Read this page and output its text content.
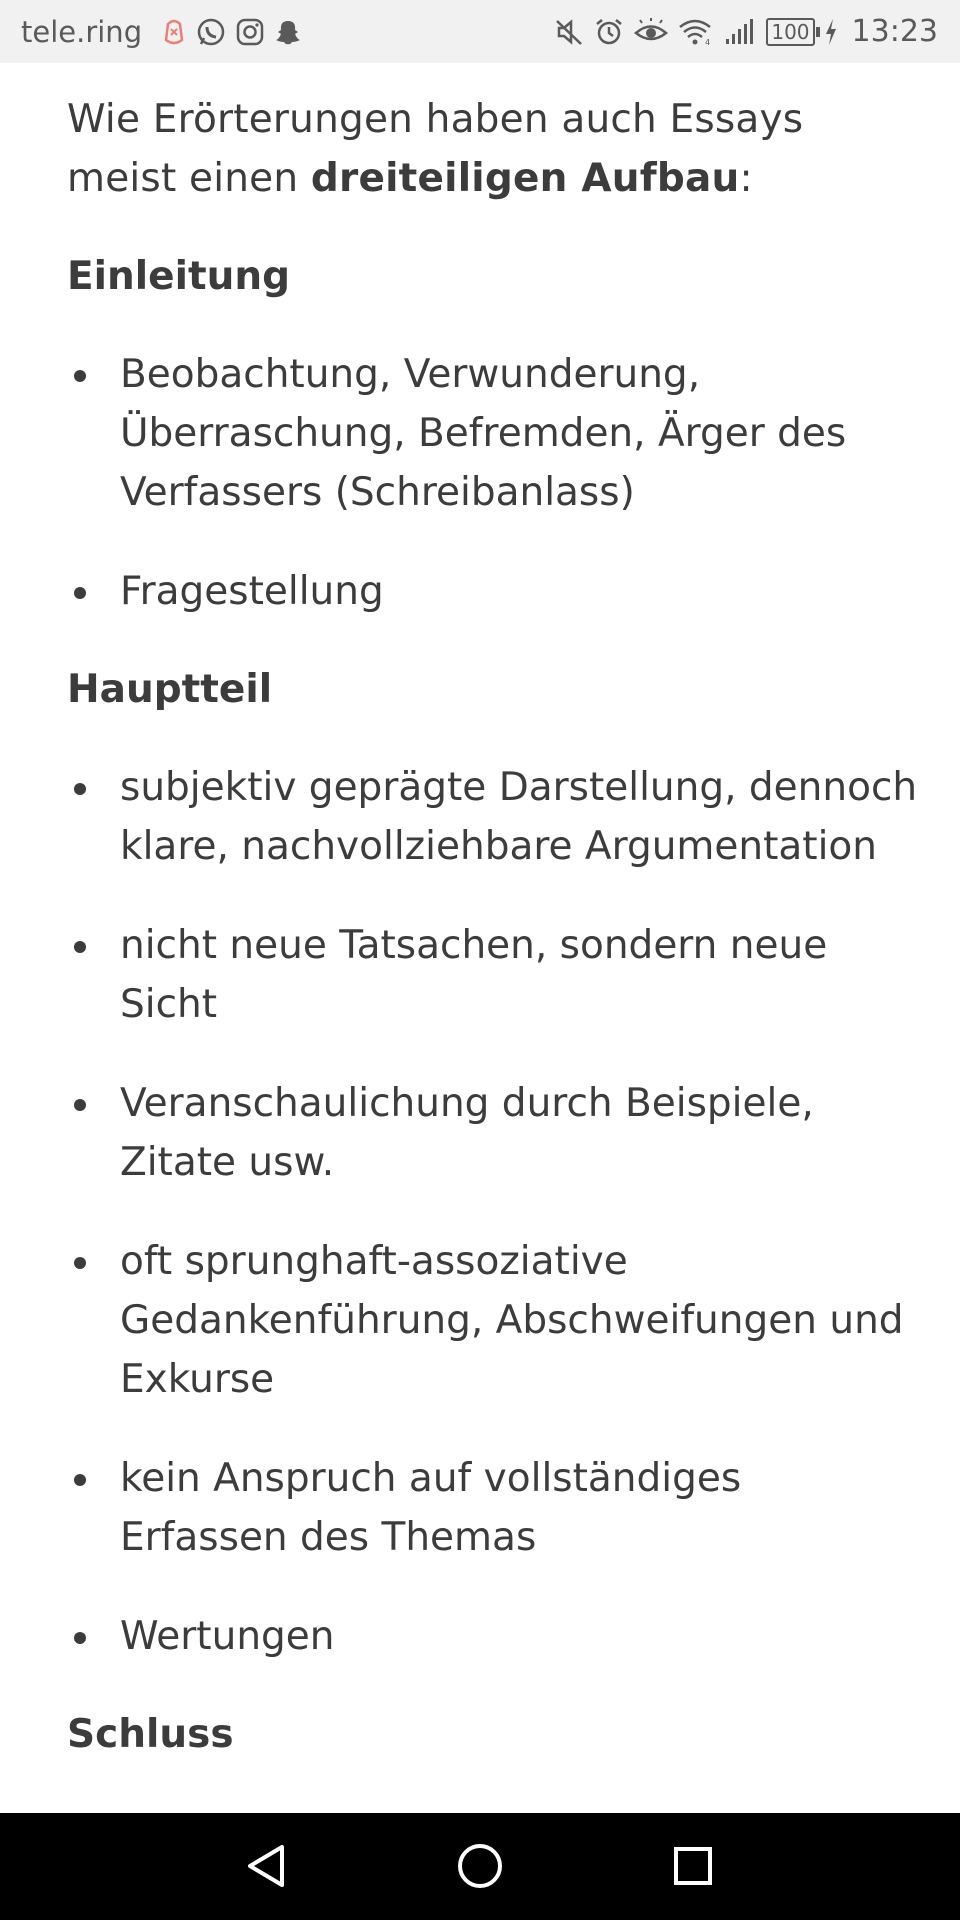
tele.ring	4	100 13:23

Wie Erörterungen haben auch Essays meist einen dreiteiligen Aufbau:

Einleitung
Beobachtung, Verwunderung, Überraschung, Befremden, Ärger des Verfassers (Schreibanlass)
Fragestellung
Hauptteil
subjektiv geprägte Darstellung, dennoch klare, nachvollziehbare Argumentation
nicht neue Tatsachen, sondern neue Sicht
Veranschaulichung durch Beispiele, Zitate usw.
oft sprunghaft-assoziative Gedankenführung, Abschweifungen und Exkurse
kein Anspruch auf vollständiges Erfassen des Themas
Wertungen
Schluss
